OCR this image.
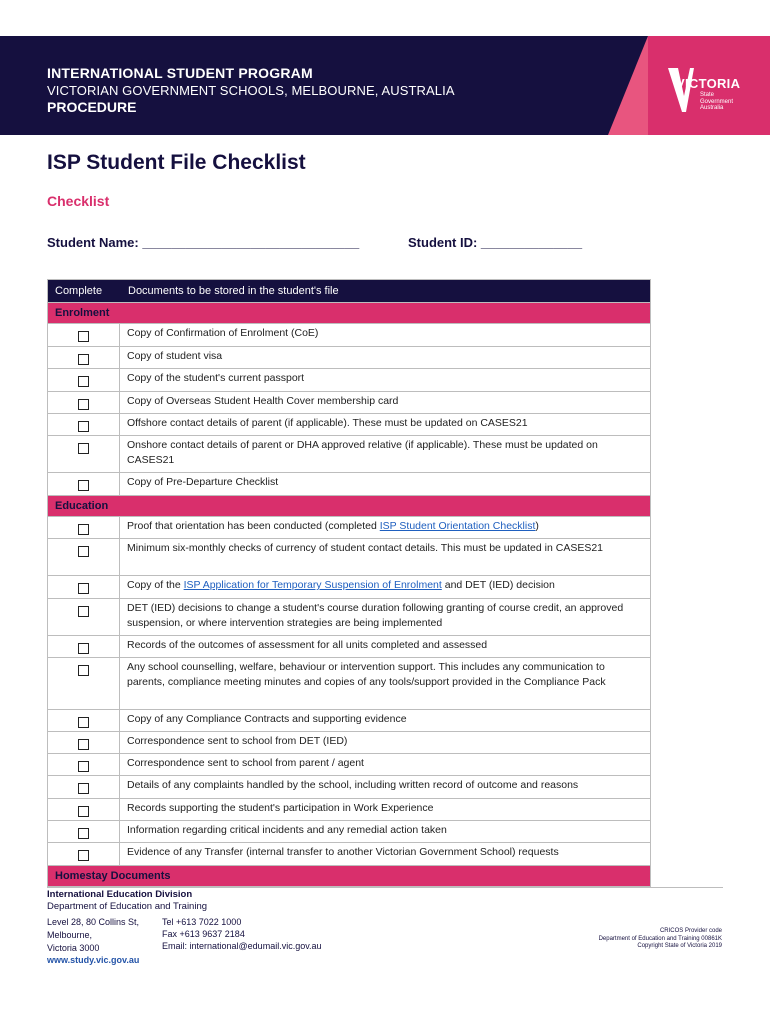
INTERNATIONAL STUDENT PROGRAM
VICTORIAN GOVERNMENT SCHOOLS, MELBOURNE, AUSTRALIA
PROCEDURE
VICTORIA
State
Government
Australia
ISP Student File Checklist
Checklist
Student Name: ______________________________	Student ID: ______________
Complete	Documents to be stored in the student's file
Enrolment
Copy of Confirmation of Enrolment (CoE)
Copy of student visa
Copy of the student's current passport
Copy of Overseas Student Health Cover membership card
Offshore contact details of parent (if applicable). These must be updated on CASES21
Onshore contact details of parent or DHA approved relative (if applicable). These must be updated on CASES21
Copy of Pre-Departure Checklist
Education
Proof that orientation has been conducted (completed ISP Student Orientation Checklist)
Minimum six-monthly checks of currency of student contact details. This must be updated in CASES21
Copy of the ISP Application for Temporary Suspension of Enrolment and DET (IED) decision
DET (IED) decisions to change a student's course duration following granting of course credit, an approved suspension, or where intervention strategies are being implemented
Records of the outcomes of assessment for all units completed and assessed
Any school counselling, welfare, behaviour or intervention support. This includes any communication to parents, compliance meeting minutes and copies of any tools/support provided in the Compliance Pack
Copy of any Compliance Contracts and supporting evidence
Correspondence sent to school from DET (IED)
Correspondence sent to school from parent / agent
Details of any complaints handled by the school, including written record of outcome and reasons
Records supporting the student's participation in Work Experience
Information regarding critical incidents and any remedial action taken
Evidence of any Transfer (internal transfer to another Victorian Government School) requests
Homestay Documents
International Education Division
Department of Education and Training
Level 28, 80 Collins St,
Melbourne,
Victoria 3000
Tel +613 7022 1000
Fax +613 9637 2184
Email: international@edumail.vic.gov.au
www.study.vic.gov.au
CRICOS Provider code
Department of Education and Training 00861K
Copyright State of Victoria 2019
